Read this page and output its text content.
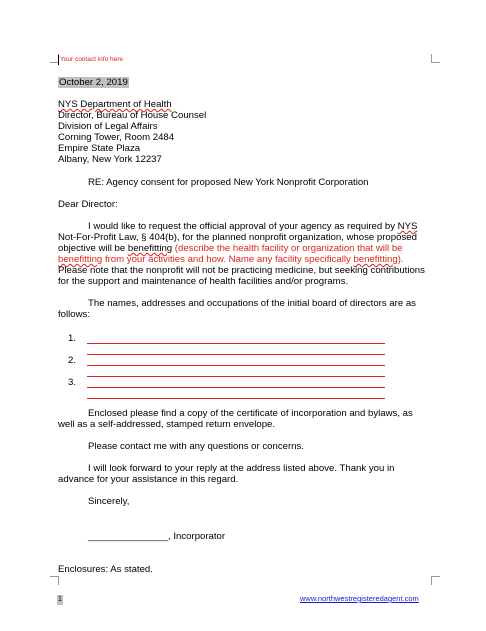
Your contact info here
October 2, 2019
NYS Department of Health
Director, Bureau of House Counsel
Division of Legal Affairs
Corning Tower, Room 2484
Empire State Plaza
Albany, New York 12237
RE: Agency consent for proposed New York Nonprofit Corporation
Dear Director:
I would like to request the official approval of your agency as required by NYS Not-For-Profit Law, § 404(b), for the planned nonprofit organization, whose proposed objective will be benefitting (describe the health facility or organization that will be benefitting from your activities and how. Name any facility specifically benefitting). Please note that the nonprofit will not be practicing medicine, but seeking contributions for the support and maintenance of health facilities and/or programs.
The names, addresses and occupations of the initial board of directors are as follows:
1.
2.
3.
Enclosed please find a copy of the certificate of incorporation and bylaws, as well as a self-addressed, stamped return envelope.
Please contact me with any questions or concerns.
I will look forward to your reply at the address listed above. Thank you in advance for your assistance in this regard.
Sincerely,
_______________, Incorporator
Enclosures: As stated.
1	www.northwestregisteredagent.com
